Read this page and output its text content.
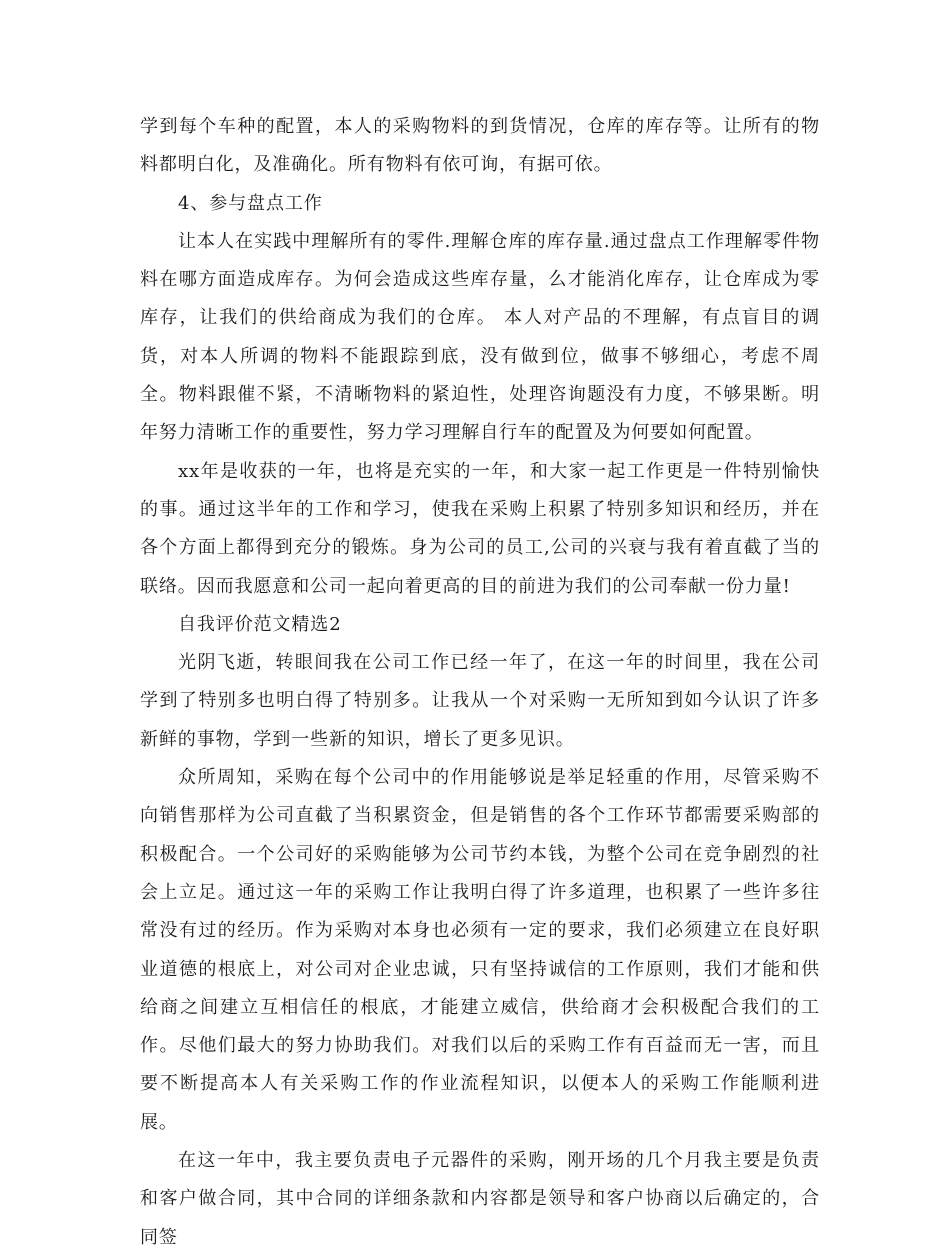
学到每个车种的配置，本人的采购物料的到货情况，仓库的库存等。让所有的物料都明白化，及准确化。所有物料有依可询，有据可依。

4、参与盘点工作

让本人在实践中理解所有的零件.理解仓库的库存量.通过盘点工作理解零件物料在哪方面造成库存。为何会造成这些库存量，么才能消化库存，让仓库成为零库存，让我们的供给商成为我们的仓库。 本人对产品的不理解，有点盲目的调货，对本人所调的物料不能跟踪到底，没有做到位，做事不够细心，考虑不周全。物料跟催不紧，不清晰物料的紧迫性，处理咨询题没有力度，不够果断。明年努力清晰工作的重要性，努力学习理解自行车的配置及为何要如何配置。

xx年是收获的一年，也将是充实的一年，和大家一起工作更是一件特别愉快的事。通过这半年的工作和学习，使我在采购上积累了特别多知识和经历，并在各个方面上都得到充分的锻炼。身为公司的员工,公司的兴衰与我有着直截了当的联络。因而我愿意和公司一起向着更高的目的前进为我们的公司奉献一份力量!

自我评价范文精选2

光阴飞逝，转眼间我在公司工作已经一年了，在这一年的时间里，我在公司学到了特别多也明白得了特别多。让我从一个对采购一无所知到如今认识了许多新鲜的事物，学到一些新的知识，增长了更多见识。

众所周知，采购在每个公司中的作用能够说是举足轻重的作用，尽管采购不向销售那样为公司直截了当积累资金，但是销售的各个工作环节都需要采购部的积极配合。一个公司好的采购能够为公司节约本钱，为整个公司在竞争剧烈的社会上立足。通过这一年的采购工作让我明白得了许多道理，也积累了一些许多往常没有过的经历。作为采购对本身也必须有一定的要求，我们必须建立在良好职业道德的根底上，对公司对企业忠诚，只有坚持诚信的工作原则，我们才能和供给商之间建立互相信任的根底，才能建立威信，供给商才会积极配合我们的工作。尽他们最大的努力协助我们。对我们以后的采购工作有百益而无一害，而且要不断提高本人有关采购工作的作业流程知识，以便本人的采购工作能顺利进展。

在这一年中，我主要负责电子元器件的采购，刚开场的几个月我主要是负责和客户做合同，其中合同的详细条款和内容都是领导和客户协商以后确定的，合同签
